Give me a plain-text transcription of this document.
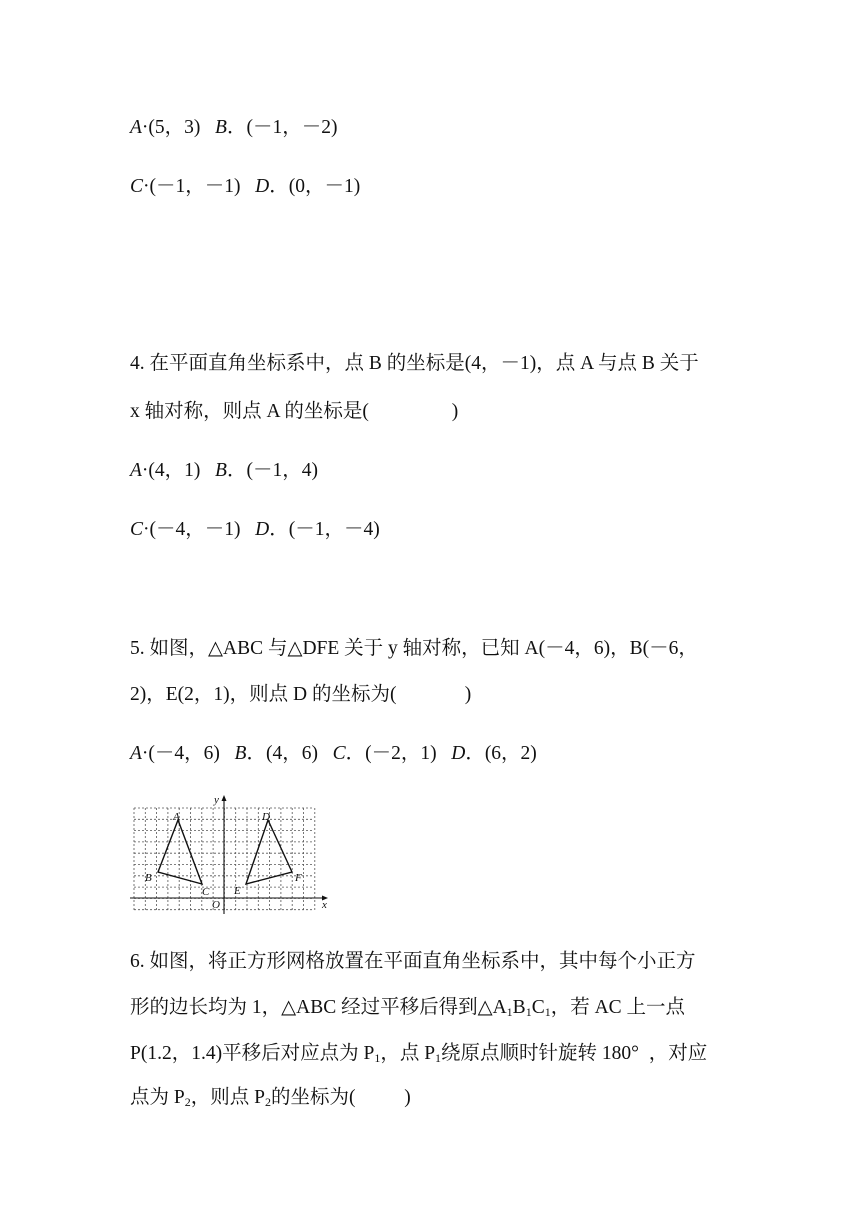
A·(5，3)   B．(－1，－2)
C·(－1，－1)   D．(0，－1)
4. 在平面直角坐标系中，点 B 的坐标是(4，－1)，点 A 与点 B 关于
x 轴对称，则点 A 的坐标是(                 )
A·(4，1)   B．(－1，4)
C·(－4，－1)   D．(－1，－4)
5. 如图，△ABC 与△DFE 关于 y 轴对称，已知 A(－4，6)，B(－6，
2)，E(2，1)，则点 D 的坐标为(              )
A·(－4，6)   B．(4，6)   C．(－2，1)   D．(6，2)
y
x
O
A
B
C
D
E
F
6. 如图，将正方形网格放置在平面直角坐标系中，其中每个小正方
形的边长均为 1，△ABC 经过平移后得到$\triangle A_1B_1C_1$，若 AC 上一点
P(1.2，1.4)平移后对应点为 $P_1$，点 $P_1$绕原点顺时针旋转 180°  ，对应
点为 $P_2$，则点 $P_2$的坐标为(          )
